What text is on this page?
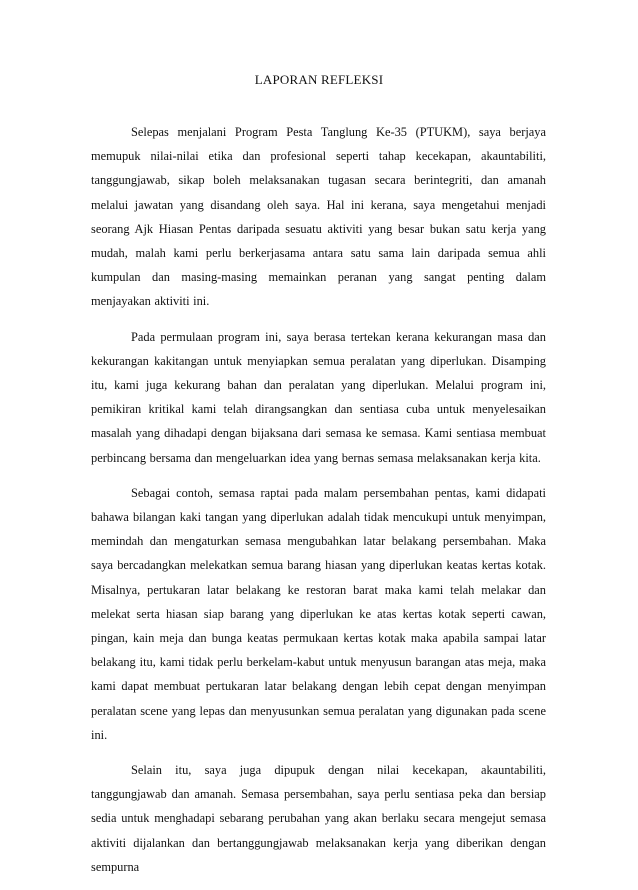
LAPORAN REFLEKSI

Selepas menjalani Program Pesta Tanglung Ke-35 (PTUKM), saya berjaya memupuk nilai-nilai etika dan profesional seperti tahap kecekapan, akauntabiliti, tanggungjawab, sikap boleh melaksanakan tugasan secara berintegriti, dan amanah melalui jawatan yang disandang oleh saya. Hal ini kerana, saya mengetahui menjadi seorang Ajk Hiasan Pentas daripada sesuatu aktiviti yang besar bukan satu kerja yang mudah, malah kami perlu berkerjasama antara satu sama lain daripada semua ahli kumpulan dan masing-masing memainkan peranan yang sangat penting dalam menjayakan aktiviti ini.

Pada permulaan program ini, saya berasa tertekan kerana kekurangan masa dan kekurangan kakitangan untuk menyiapkan semua peralatan yang diperlukan. Disamping itu, kami juga kekurang bahan dan peralatan yang diperlukan. Melalui program ini, pemikiran kritikal kami telah dirangsangkan dan sentiasa cuba untuk menyelesaikan masalah yang dihadapi dengan bijaksana dari semasa ke semasa. Kami sentiasa membuat perbincang bersama dan mengeluarkan idea yang bernas semasa melaksanakan kerja kita.

Sebagai contoh, semasa raptai pada malam persembahan pentas, kami didapati bahawa bilangan kaki tangan yang diperlukan adalah tidak mencukupi untuk menyimpan, memindah dan mengaturkan semasa mengubahkan latar belakang persembahan. Maka saya bercadangkan melekatkan semua barang hiasan yang diperlukan keatas kertas kotak. Misalnya, pertukaran latar belakang ke restoran barat maka kami telah melakar dan melekat serta hiasan siap barang yang diperlukan ke atas kertas kotak seperti cawan, pingan, kain meja dan bunga keatas permukaan kertas kotak maka apabila sampai latar belakang itu, kami tidak perlu berkelam-kabut untuk menyusun barangan atas meja, maka kami dapat membuat pertukaran latar belakang dengan lebih cepat dengan menyimpan peralatan scene yang lepas dan menyusunkan semua peralatan yang digunakan pada scene ini.

Selain itu, saya juga dipupuk dengan nilai kecekapan, akauntabiliti, tanggungjawab dan amanah. Semasa persembahan, saya perlu sentiasa peka dan bersiap sedia untuk menghadapi sebarang perubahan yang akan berlaku secara mengejut semasa aktiviti dijalankan dan bertanggungjawab melaksanakan kerja yang diberikan dengan sempurna
